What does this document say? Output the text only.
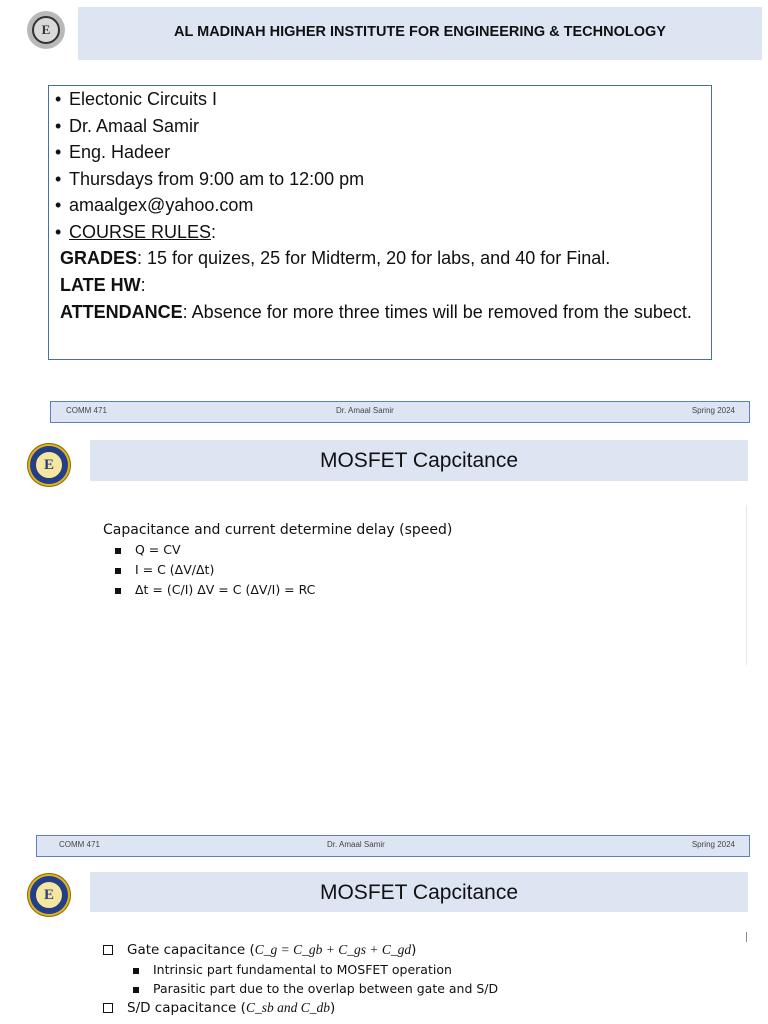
E	AL MADINAH HIGHER INSTITUTE FOR ENGINEERING & TECHNOLOGY
• Electonic Circuits I
• Dr. Amaal Samir
• Eng. Hadeer
• Thursdays from 9:00 am to 12:00 pm
• amaalgex@yahoo.com
• COURSE RULES:
GRADES: 15 for quizes, 25 for Midterm, 20 for labs, and 40 for Final.
LATE HW:
ATTENDANCE: Absence for more three times will be removed from the subect.
COMM 471	Dr. Amaal Samir	Spring 2024
E	MOSFET Capcitance
Capacitance and current determine delay (speed)
Q = CV
I = C (ΔV/Δt)
Δt = (C/I) ΔV = C (ΔV/I) = RC
COMM 471	Dr. Amaal Samir	Spring 2024
E	MOSFET Capcitance
Gate capacitance (C_g = C_gb + C_gs + C_gd)
Intrinsic part fundamental to MOSFET operation
Parasitic part due to the overlap between gate and S/D
S/D capacitance (C_sb and C_db)
